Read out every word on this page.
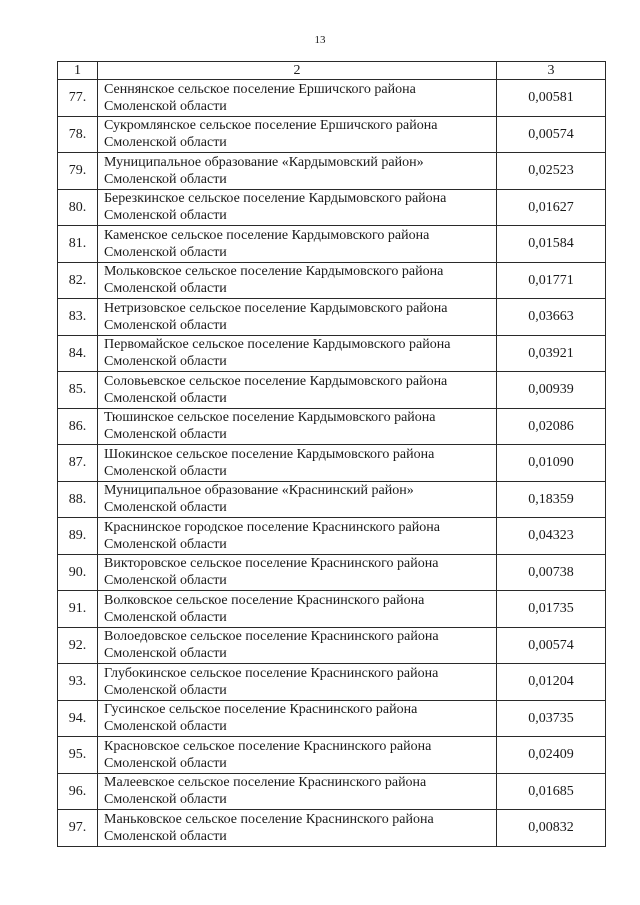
13
1	2	3
77.	Сеннянское сельское поселение Ершичского района
Смоленской области	0,00581
78.	Сукромлянское сельское поселение Ершичского района
Смоленской области	0,00574
79.	Муниципальное образование «Кардымовский район»
Смоленской области	0,02523
80.	Березкинское сельское поселение Кардымовского района
Смоленской области	0,01627
81.	Каменское сельское поселение Кардымовского района
Смоленской области	0,01584
82.	Мольковское сельское поселение Кардымовского района
Смоленской области	0,01771
83.	Нетризовское сельское поселение Кардымовского района
Смоленской области	0,03663
84.	Первомайское сельское поселение Кардымовского района
Смоленской области	0,03921
85.	Соловьевское сельское поселение Кардымовского района
Смоленской области	0,00939
86.	Тюшинское сельское поселение Кардымовского района
Смоленской области	0,02086
87.	Шокинское сельское поселение Кардымовского района
Смоленской области	0,01090
88.	Муниципальное образование «Краснинский район»
Смоленской области	0,18359
89.	Краснинское городское поселение Краснинского района
Смоленской области	0,04323
90.	Викторовское сельское поселение Краснинского района
Смоленской области	0,00738
91.	Волковское сельское поселение Краснинского района
Смоленской области	0,01735
92.	Волоедовское сельское поселение Краснинского района
Смоленской области	0,00574
93.	Глубокинское сельское поселение Краснинского района
Смоленской области	0,01204
94.	Гусинское сельское поселение Краснинского района
Смоленской области	0,03735
95.	Красновское сельское поселение Краснинского района
Смоленской области	0,02409
96.	Малеевское сельское поселение Краснинского района
Смоленской области	0,01685
97.	Маньковское сельское поселение Краснинского района
Смоленской области	0,00832
